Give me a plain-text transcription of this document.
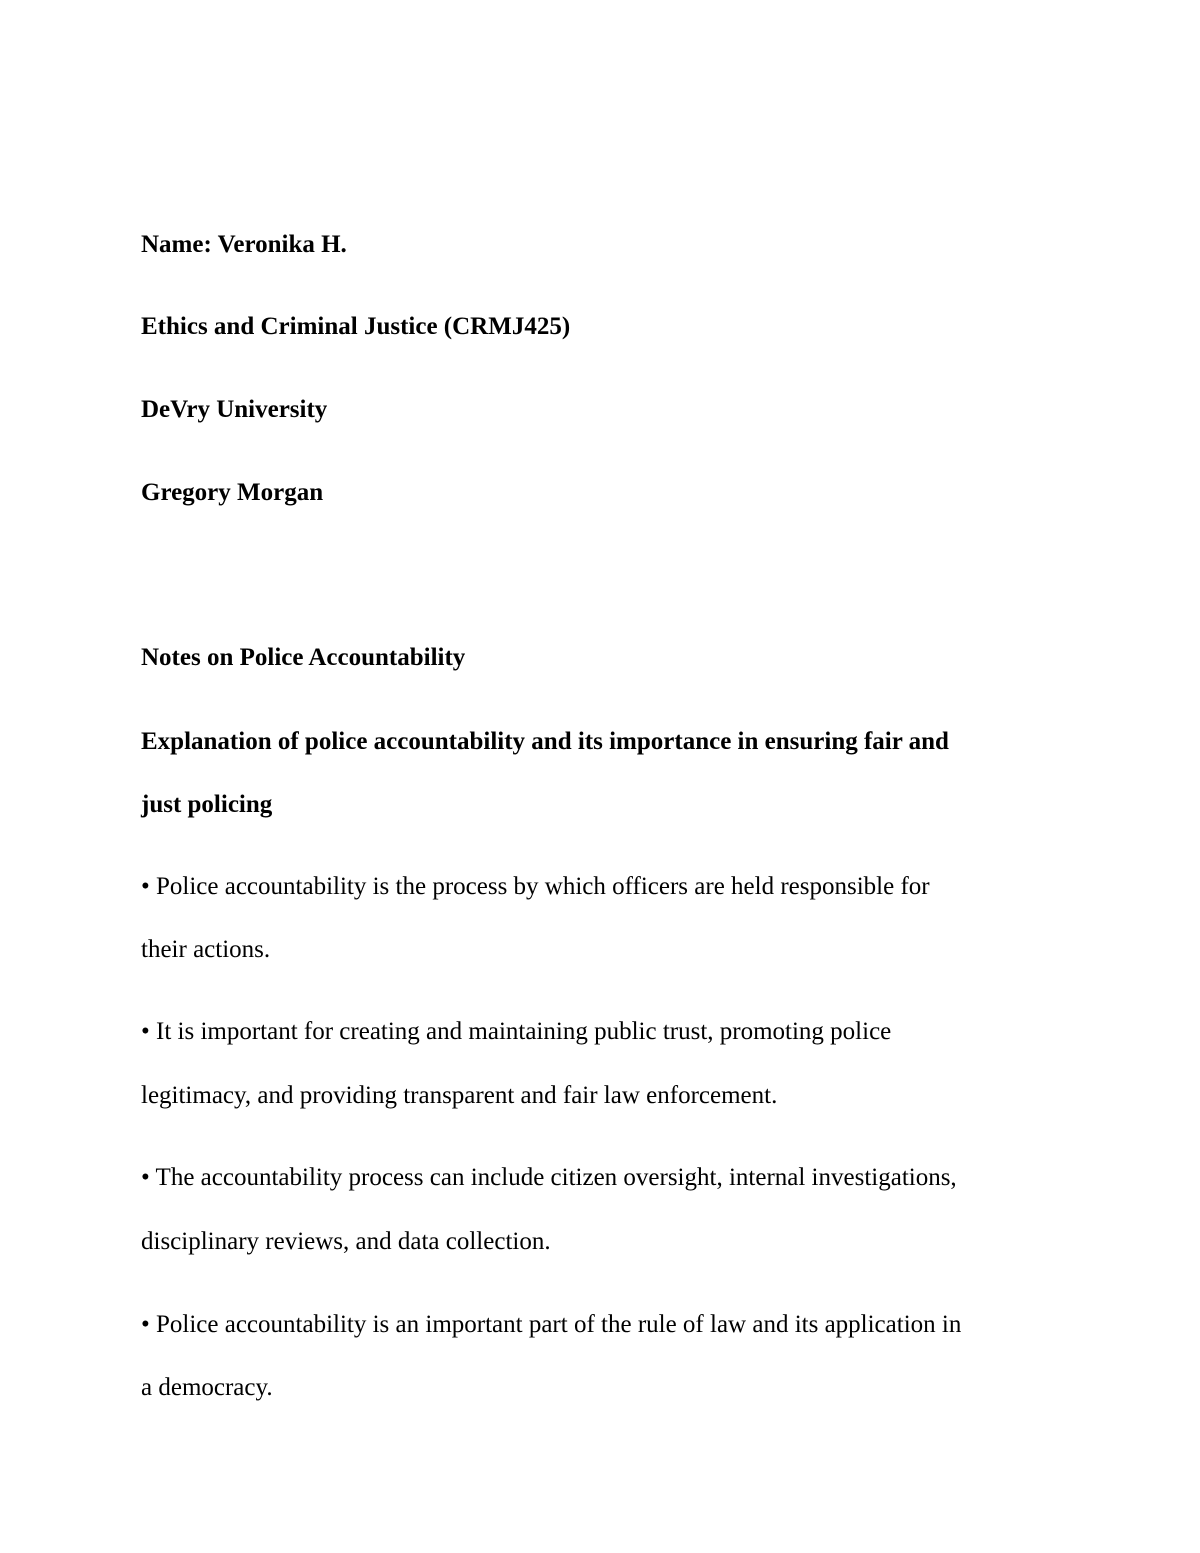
Name: Veronika H.

Ethics and Criminal Justice (CRMJ425)

DeVry University

Gregory Morgan

Notes on Police Accountability

Explanation of police accountability and its importance in ensuring fair and

just policing

• Police accountability is the process by which officers are held responsible for

their actions.

• It is important for creating and maintaining public trust, promoting police

legitimacy, and providing transparent and fair law enforcement.

• The accountability process can include citizen oversight, internal investigations,

disciplinary reviews, and data collection.

• Police accountability is an important part of the rule of law and its application in

a democracy.
